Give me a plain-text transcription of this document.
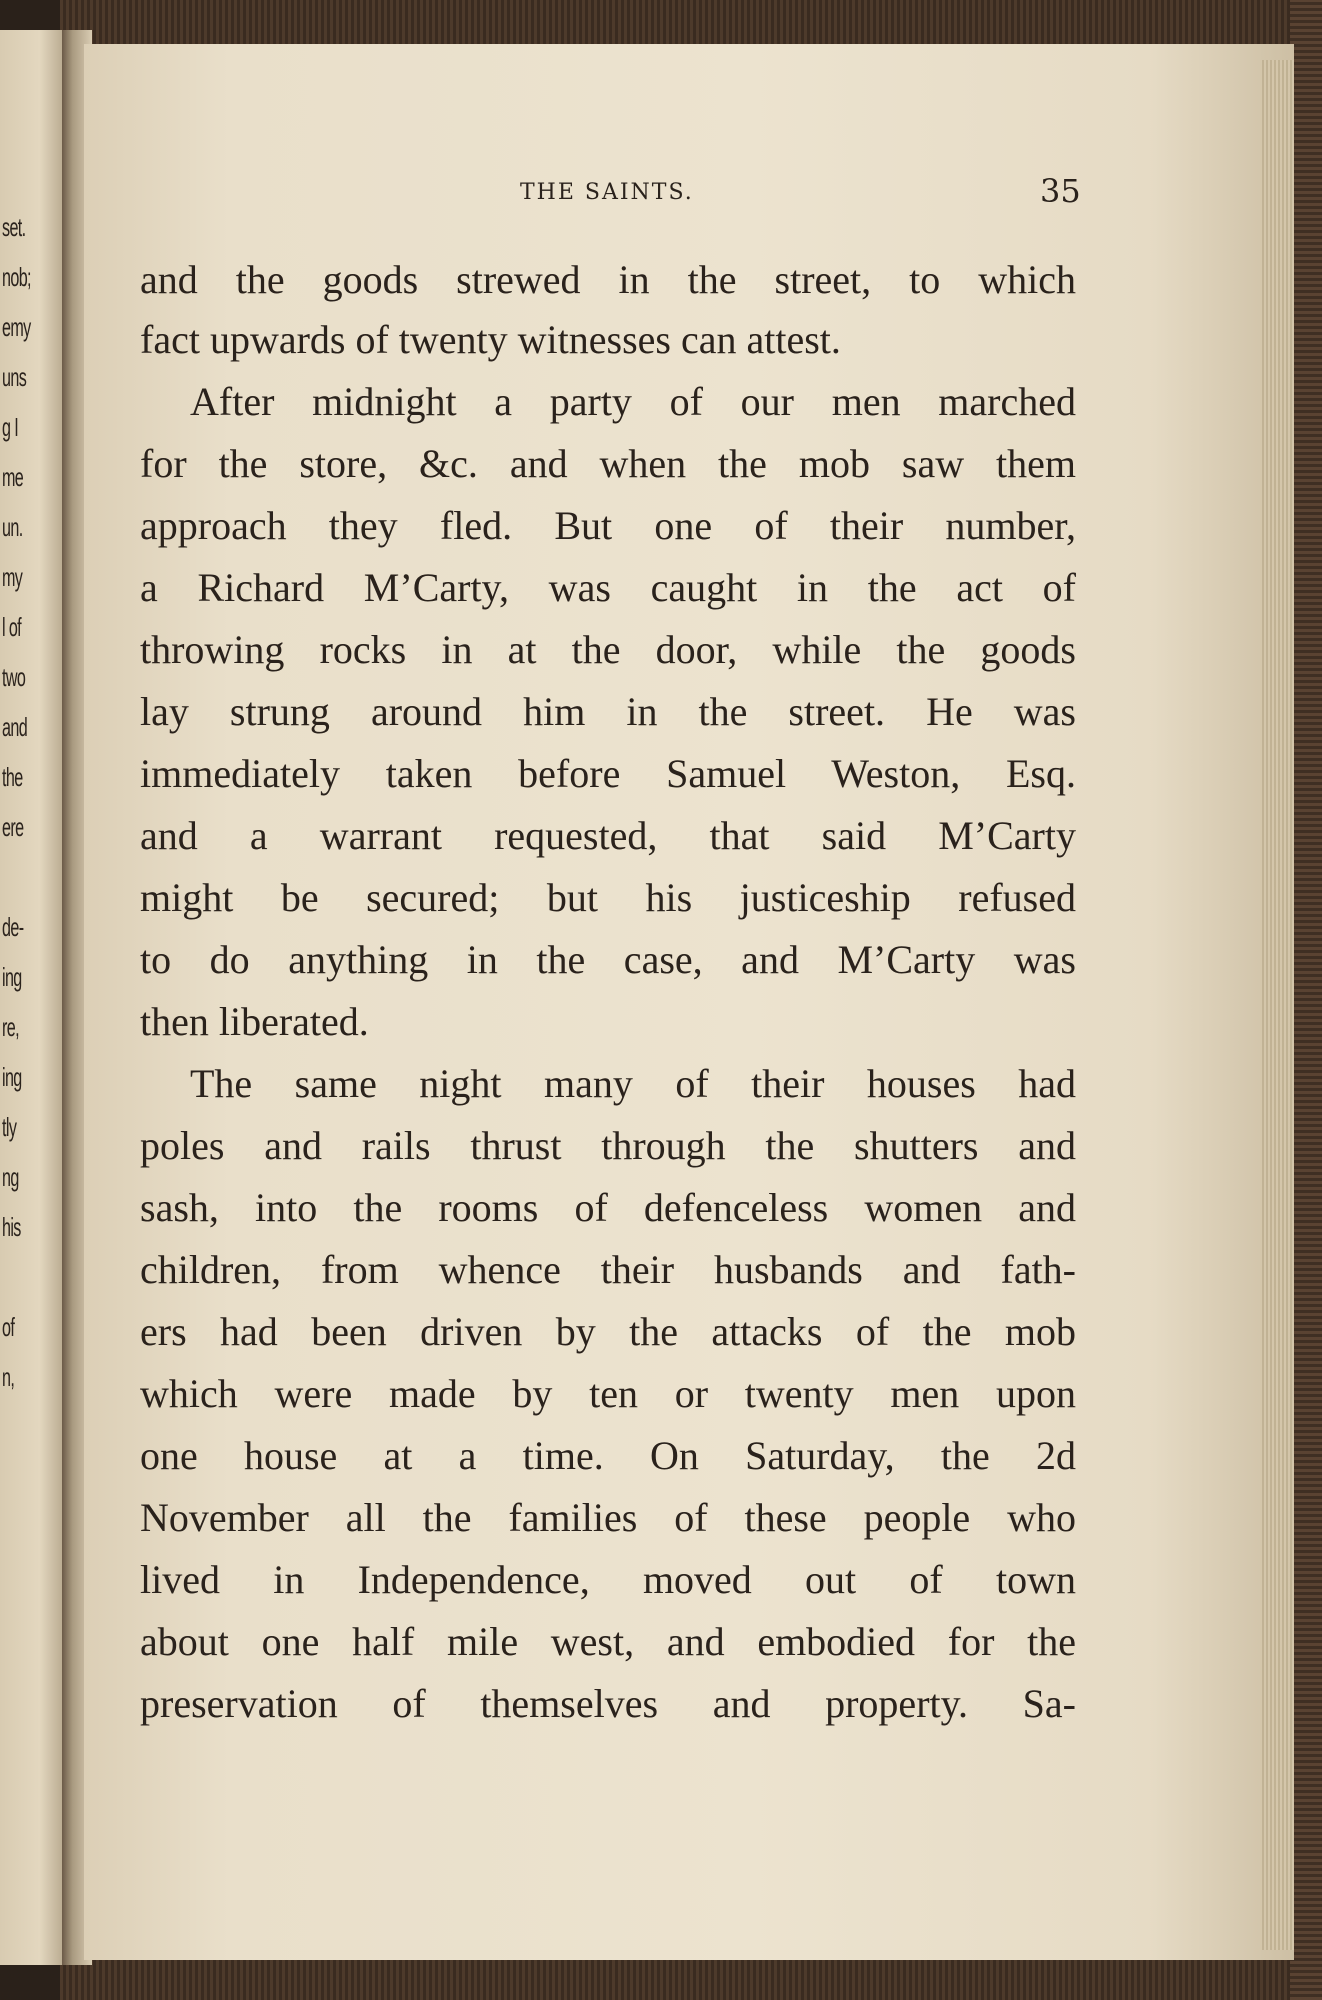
set.
nob;
emy
uns
g I
me
un.
my
l of
two
and
the
ere
de-
ing
re,
ing
tly
ng
his
of
n,
THE SAINTS.	35
and the goods strewed in the street, to which
fact upwards of twenty witnesses can attest.
After midnight a party of our men marched
for the store, &c. and when the mob saw them
approach they fled. But one of their number,
a Richard M’Carty, was caught in the act of
throwing rocks in at the door, while the goods
lay strung around him in the street. He was
immediately taken before Samuel Weston, Esq.
and a warrant requested, that said M’Carty
might be secured; but his justiceship refused
to do anything in the case, and M’Carty was
then liberated.
The same night many of their houses had
poles and rails thrust through the shutters and
sash, into the rooms of defenceless women and
children, from whence their husbands and fath-
ers had been driven by the attacks of the mob
which were made by ten or twenty men upon
one house at a time. On Saturday, the 2d
November all the families of these people who
lived in Independence, moved out of town
about one half mile west, and embodied for the
preservation of themselves and property. Sa-
